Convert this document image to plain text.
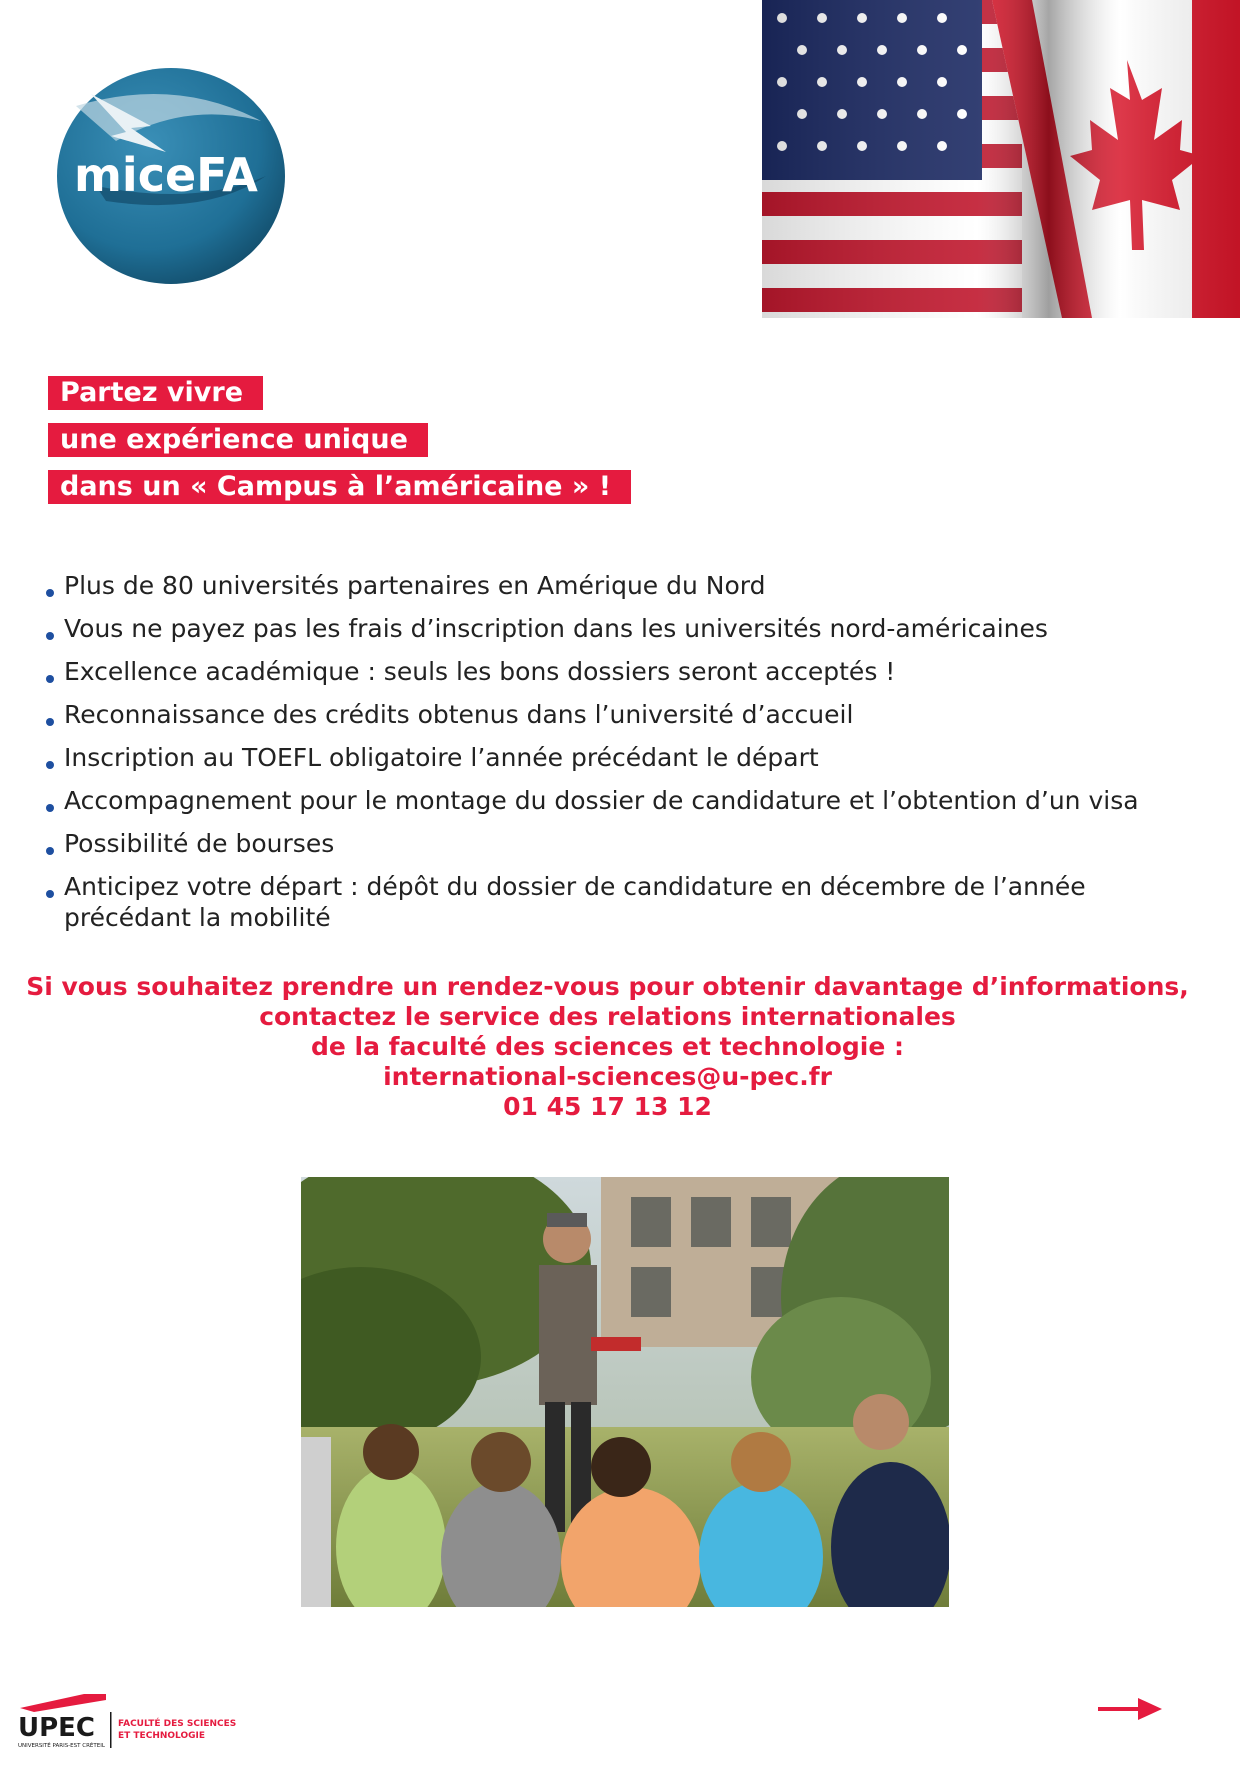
miceFA
Partez vivre
une expérience unique
dans un « Campus à l’américaine » !
Plus de 80 universités partenaires en Amérique du Nord
Vous ne payez pas les frais d’inscription dans les universités nord-américaines
Excellence académique : seuls les bons dossiers seront acceptés !
Reconnaissance des crédits obtenus dans l’université d’accueil
Inscription au TOEFL obligatoire l’année précédant le départ
Accompagnement pour le montage du dossier de candidature et l’obtention d’un visa
Possibilité de bourses
Anticipez votre départ : dépôt du dossier de candidature en décembre de l’année précédant la mobilité
Si vous souhaitez prendre un rendez-vous pour obtenir davantage d’informations,
contactez le service des relations internationales
de la faculté des sciences et technologie :
international-sciences@u-pec.fr
01 45 17 13 12
UPEC
UNIVERSITÉ PARIS-EST CRÉTEIL
FACULTÉ DES SCIENCES
ET TECHNOLOGIE
